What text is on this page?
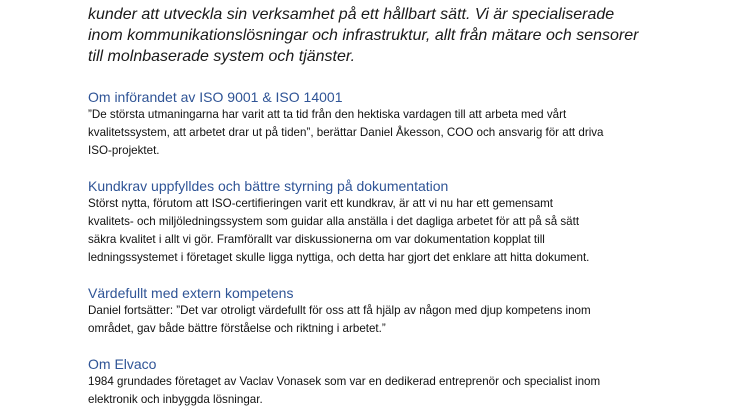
kunder att utveckla sin verksamhet på ett hållbart sätt. Vi är specialiserade
inom kommunikationslösningar och infrastruktur, allt från mätare och sensorer
till molnbaserade system och tjänster.

Om införandet av ISO 9001 & ISO 14001

”De största utmaningarna har varit att ta tid från den hektiska vardagen till att arbeta med vårt
kvalitetssystem, att arbetet drar ut på tiden”, berättar Daniel Åkesson, COO och ansvarig för att driva
ISO-projektet.

Kundkrav uppfylldes och bättre styrning på dokumentation

Störst nytta, förutom att ISO-certifieringen varit ett kundkrav, är att vi nu har ett gemensamt
kvalitets- och miljöledningssystem som guidar alla anställa i det dagliga arbetet för att på så sätt
säkra kvalitet i allt vi gör. Framförallt var diskussionerna om var dokumentation kopplat till
ledningssystemet i företaget skulle ligga nyttiga, och detta har gjort det enklare att hitta dokument.

Värdefullt med extern kompetens

Daniel fortsätter: ”Det var otroligt värdefullt för oss att få hjälp av någon med djup kompetens inom
området, gav både bättre förståelse och riktning i arbetet.”

Om Elvaco

1984 grundades företaget av Vaclav Vonasek som var en dedikerad entreprenör och specialist inom
elektronik och inbyggda lösningar.
